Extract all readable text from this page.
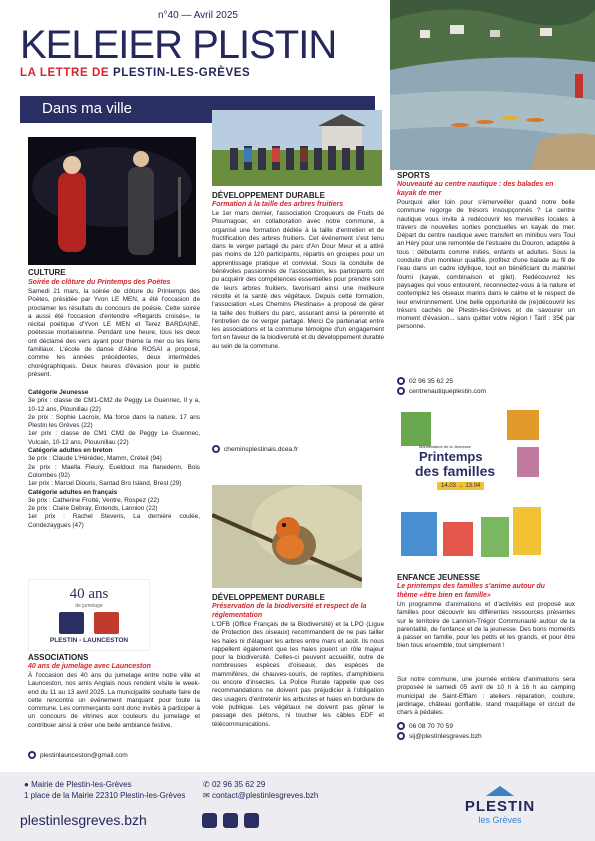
n°40 — Avril 2025
KELEIER PLISTIN
LA LETTRE DE PLESTIN-LES-GRÈVES
Dans ma ville
CULTURE
Soirée de clôture du Printemps des Poètes
Samedi 21 mars, la soirée de clôture du Printemps des Poètes, présidée par Yvon LE MEN, a été l'occasion de proclamer les résultats du concours de poésie. Cette soirée a aussi été l'occasion d'entendre «Regards croisés», le récital poétique d'Yvon LE MEN et Terez BARDAINE, poétesse morlaisienne. Pendant une heure, tous les deux ont déclamé des vers ayant pour thème la mer ou les liens familiaux. L'école de danse d'Aline ROSAI a proposé, comme les années précédentes, deux intermèdes chorégraphiques. Deux heures d'évasion pour le public présent.
Catégorie Jeunesse
3e prix : classe de CM1-CM2 de Peggy Le Guennec, Il y a, 10-12 ans, Plounillau (22)
2e prix : Sophie Lacroix, Ma force dans la nature, 17 ans Plestin les Grèves (22)
1er prix : classe de CM1 CM2 de Peggy Le Guennec, Vulcain, 10-12 ans, Plouunillau (22)
Catégorie adultes en breton
3e prix : Claude L'Hérédec, Mamm, Créteil (94)
2e prix : Maella Fleury, Eueldout ma flanedenn, Bois Colombes (92)
1er prix : Marcel Diouris, Santad Bro Island, Brest (29)
Catégorie adultes en français
3e prix : Catherine Frotté, Ventre, Rospez (22)
2e prix : Claire Debray, Entends, Lannion (22)
1er prix : Rachel Stevens, La dernière coulée, Condezaygues (47)
40 ans
de jumelage
PLESTIN - LAUNCESTON
ASSOCIATIONS
40 ans de jumelage avec Launceston
À l'occasion des 40 ans du jumelage entre notre ville et Launceston, nos amis Anglais nous rendent visite le week-end du 11 au 13 avril 2025. La municipalité souhaite faire de cette rencontre un événement marquant pour toute la commune. Les commerçants sont donc invités à participer à un concours de vitrines aux couleurs du jumelage et contribuer ainsi à créer une belle ambiance festive.
plestinlaunceston@gmail.com
DÉVELOPPEMENT DURABLE
Formation à la taille des arbres fruitiers
Le 1er mars dernier, l'association Croqueurs de Fruits de Ploumagoar, en collaboration avec notre commune, a organisé une formation dédiée à la taille d'entretien et de fructification des arbres fruitiers. Cet événement s'est tenu dans le verger partagé du parc d'An Dour Meur et a attiré pas moins de 120 participants, répartis en groupes pour un apprentissage pratique et convivial. Sous la conduite de bénévoles passionnés de l'association, les participants ont pu acquérir des compétences essentielles pour prendre soin de leurs arbres fruitiers, favorisant ainsi une meilleure récolte et la santé des végétaux. Depuis cette formation, l'association «Les Chemins Plestinais» a proposé de gérer la taille des fruitiers du parc, assurant ainsi la pérennité et l'entretien de ce verger partagé. Merci Ce partenariat entre les associations et la commune témoigne d'un engagement fort en faveur de la biodiversité et du développement durable au sein de la commune.
cheminsplestinais.dcea.fr
DÉVELOPPEMENT DURABLE
Préservation de la biodiversité et respect de la réglementation
L'OFB (Office Français de la Biodiversité) et la LPO (Ligue de Protection des oiseaux) recommandent de ne pas tailler les haies ni d'élaguer les arbres entre mars et août. Ils nous rappellent également que les haies jouent un rôle majeur pour la biodiversité. Celles-ci peuvent accueillir, outre de nombreuses espèces d'oiseaux, des espèces de mammifères, de chauves-souris, de reptiles, d'amphibiens ou encore d'insectes. La Police Rurale rappelle que ces recommandations ne doivent pas préjudicier à l'obligation des usagers d'entretenir les arbustes et haies en bordure de voie publique. Les végétaux ne doivent pas gêner le passage des piétons, ni toucher les câbles EDF et télécommunications.
SPORTS
Nouveauté au centre nautique : des balades en kayak de mer
Pourquoi aller loin pour s'émerveiller quand notre belle commune regorge de trésors insoupçonnés ? Le centre nautique vous invite à redécouvrir les merveilles locales à travers de nouvelles sorties ponctuelles en kayak de mer. Départ du centre nautique avec transfert en minibus vers Toul an Héry pour une remontée de l'estuaire du Douron, adaptée à tous : débutants comme initiés, enfants et adultes. Sous la conduite d'un moniteur qualifié, profitez d'une balade au fil de l'eau dans un cadre idyllique, tout en bénéficiant du matériel fourni (kayak, combinaison et gilet). Redécouvrez les paysages qui vous entourent, reconnectez-vous à la nature et contemplez les oiseaux marins dans le calme et le respect de leur environnement. Une belle opportunité de (re)découvrir les trésors cachés de Plestin-les-Grèves et de savourer un moment d'évasion... sans quitter votre région ! Tarif : 35€ par personne.
02 96 35 62 25
centrenautiqueplestin.com
Manifestation de la Jeunesse
Printemps
des familles
14.03 → 13.04
ENFANCE JEUNESSE
Le printemps des familles s'anime autour du thème «être bien en famille»
Un programme d'animations et d'activités est proposé aux familles pour découvrir les différentes ressources présentes sur le territoire de Lannion-Trégor Communauté autour de la parentalité, de l'enfance et de la jeunesse. Des bons moments à passer en famille, pour les petits et les grands, et pour être bien tous ensemble, tout simplement !
Sur notre commune, une journée entière d'animations sera proposée le samedi 05 avril de 10 h à 16 h au camping municipal de Saint-Efflam : ateliers réparation, couture, jardinage, château gonflable, stand maquillage et circuit de chars à pédales.
06 08 70 70 59
sij@plestinlesgreves.bzh
● Mairie de Plestin-les-Grèves
1 place de la Mairie 22310 Plestin-les-Grèves
✆ 02 96 35 62 29
✉ contact@plestinlesgreves.bzh
plestinlesgreves.bzh
PLESTIN
les Grèves
